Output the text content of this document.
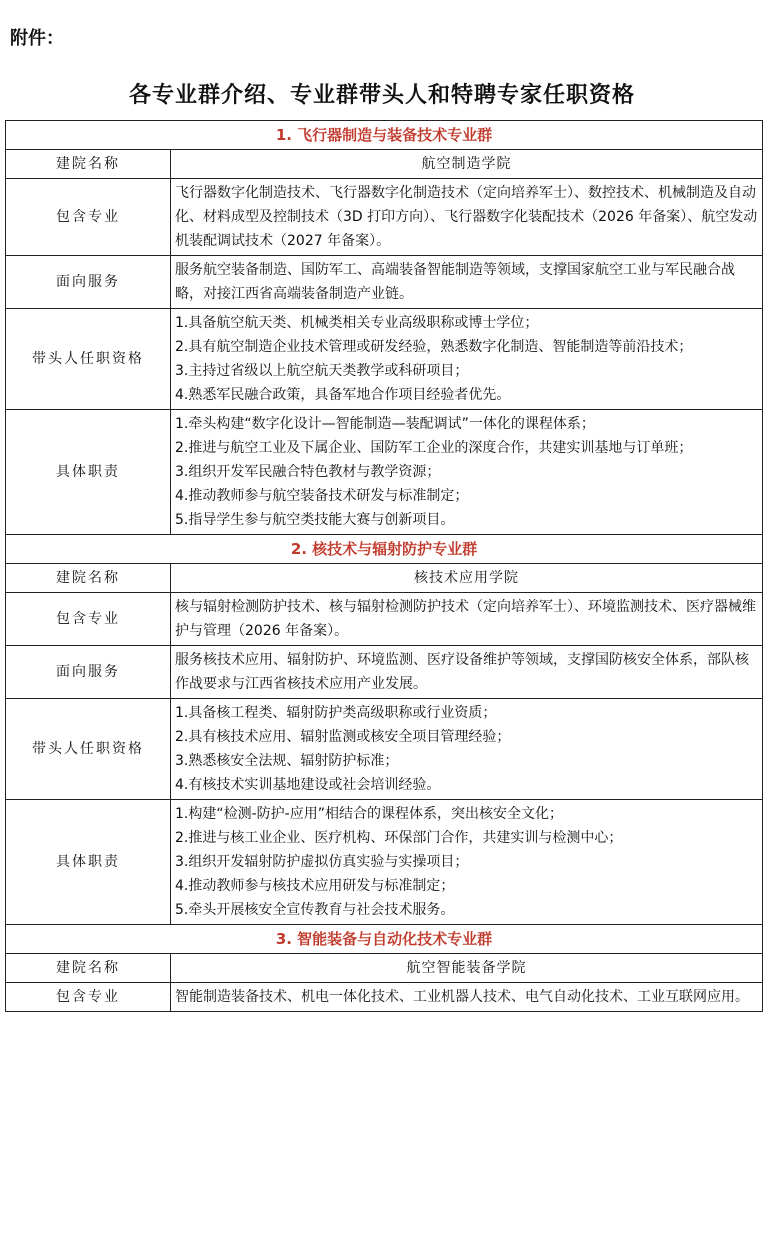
附件：
各专业群介绍、专业群带头人和特聘专家任职资格
1. 飞行器制造与装备技术专业群	
建院名称	航空制造学院
包含专业	飞行器数字化制造技术、飞行器数字化制造技术（定向培养军士）、数控技术、机械制造及自动化、材料成型及控制技术（3D 打印方向）、飞行器数字化装配技术（2026 年备案）、航空发动机装配调试技术（2027 年备案）。
面向服务	服务航空装备制造、国防军工、高端装备智能制造等领域，支撑国家航空工业与军民融合战略，对接江西省高端装备制造产业链。
带头人任职资格	1.具备航空航天类、机械类相关专业高级职称或博士学位；
2.具有航空制造企业技术管理或研发经验，熟悉数字化制造、智能制造等前沿技术；
3.主持过省级以上航空航天类教学或科研项目；
4.熟悉军民融合政策，具备军地合作项目经验者优先。

具体职责	1.牵头构建“数字化设计—智能制造—装配调试”一体化的课程体系；
2.推进与航空工业及下属企业、国防军工企业的深度合作，共建实训基地与订单班；
3.组织开发军民融合特色教材与教学资源；
4.推动教师参与航空装备技术研发与标准制定；
5.指导学生参与航空类技能大赛与创新项目。

2. 核技术与辐射防护专业群	
建院名称	核技术应用学院
包含专业	核与辐射检测防护技术、核与辐射检测防护技术（定向培养军士）、环境监测技术、医疗器械维护与管理（2026 年备案）。
面向服务	服务核技术应用、辐射防护、环境监测、医疗设备维护等领域，支撑国防核安全体系，部队核作战要求与江西省核技术应用产业发展。
带头人任职资格	1.具备核工程类、辐射防护类高级职称或行业资质；
2.具有核技术应用、辐射监测或核安全项目管理经验；
3.熟悉核安全法规、辐射防护标准；
4.有核技术实训基地建设或社会培训经验。

具体职责	1.构建“检测-防护-应用”相结合的课程体系，突出核安全文化；
2.推进与核工业企业、医疗机构、环保部门合作，共建实训与检测中心；
3.组织开发辐射防护虚拟仿真实验与实操项目；
4.推动教师参与核技术应用研发与标准制定；
5.牵头开展核安全宣传教育与社会技术服务。

3. 智能装备与自动化技术专业群	
建院名称	航空智能装备学院
包含专业	智能制造装备技术、机电一体化技术、工业机器人技术、电气自动化技术、工业互联网应用。
